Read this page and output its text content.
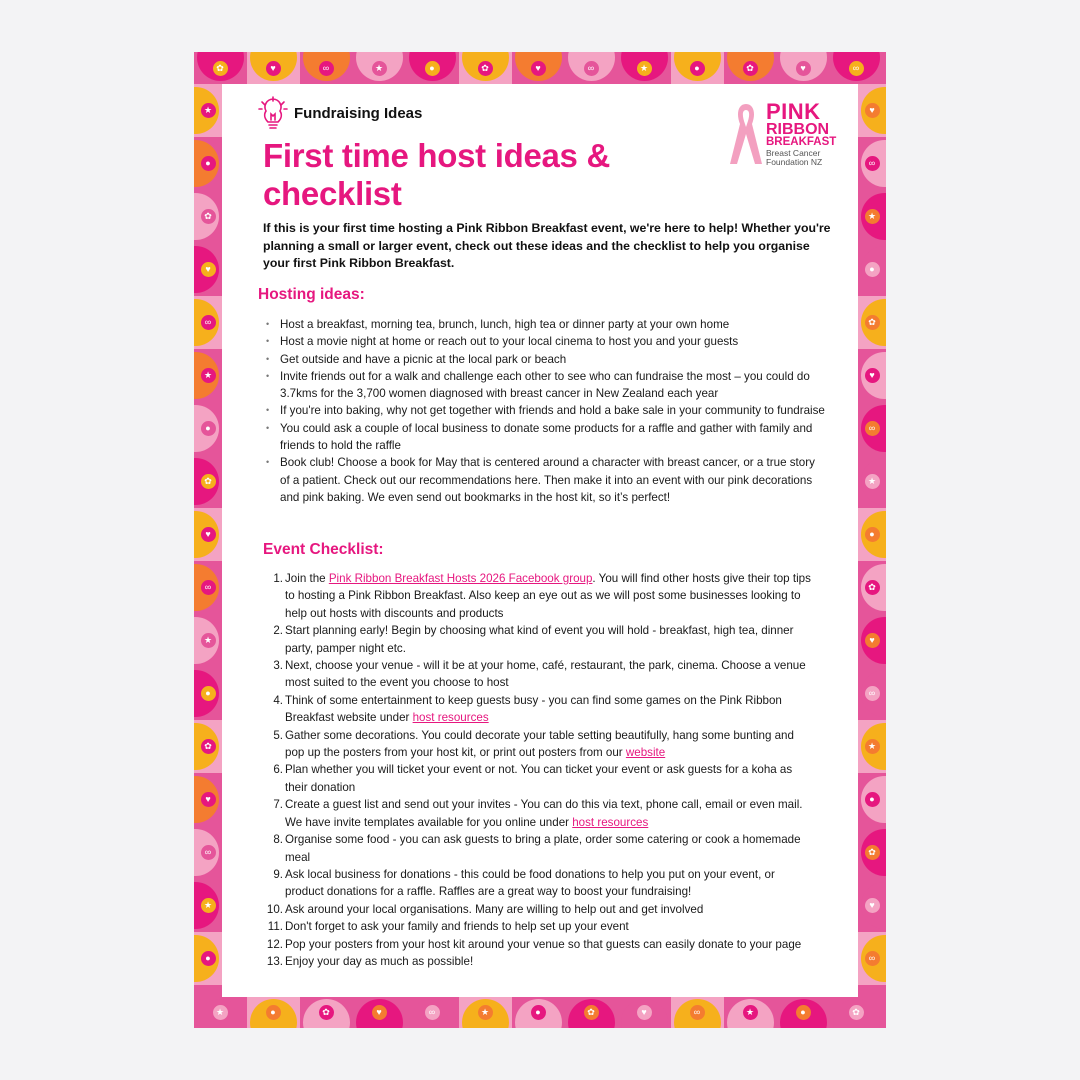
✿
★
♥
●
∞
✿
★
♥
●
∞
✿
★
♥
●
∞
✿
★
♥
●
∞
✿
★
♥
●
∞
✿
★	♥
●	∞
✿	★
♥	●
∞	✿
★	♥
●	∞
✿	★
♥	●
∞	✿
★	♥
●	∞
✿	★
♥	●
∞	✿
★	♥
●	∞
Fundraising Ideas
First time host ideas & checklist
PINK
RIBBON
BREAKFAST
Breast Cancer Foundation NZ

If this is your first time hosting a Pink Ribbon Breakfast event, we're here to help! Whether you're planning a small or larger event, check out these ideas and the checklist to help you organise your first Pink Ribbon Breakfast.

Hosting ideas:
• Host a breakfast, morning tea, brunch, lunch, high tea or dinner party at your own home
• Host a movie night at home or reach out to your local cinema to host you and your guests
• Get outside and have a picnic at the local park or beach
• Invite friends out for a walk and challenge each other to see who can fundraise the most – you could do 3.7kms for the 3,700 women diagnosed with breast cancer in New Zealand each year
• If you're into baking, why not get together with friends and hold a bake sale in your community to fundraise
• You could ask a couple of local business to donate some products for a raffle and gather with family and friends to hold the raffle
• Book club! Choose a book for May that is centered around a character with breast cancer, or a true story of a patient. Check out our recommendations here. Then make it into an event with our pink decorations and pink baking. We even send out bookmarks in the host kit, so it’s perfect!
Event Checklist:
1. Join the Pink Ribbon Breakfast Hosts 2026 Facebook group. You will find other hosts give their top tips to hosting a Pink Ribbon Breakfast. Also keep an eye out as we will post some businesses looking to help out hosts with discounts and products
2. Start planning early! Begin by choosing what kind of event you will hold - breakfast, high tea, dinner party, pamper night etc.
3. Next, choose your venue - will it be at your home, café, restaurant, the park, cinema. Choose a venue most suited to the event you choose to host
4. Think of some entertainment to keep guests busy - you can find some games on the Pink Ribbon Breakfast website under host resources
5. Gather some decorations. You could decorate your table setting beautifully, hang some bunting and pop up the posters from your host kit, or print out posters from our website
6. Plan whether you will ticket your event or not. You can ticket your event or ask guests for a koha as their donation
7. Create a guest list and send out your invites - You can do this via text, phone call, email or even mail. We have invite templates available for you online under host resources
8. Organise some food - you can ask guests to bring a plate, order some catering or cook a homemade meal
9. Ask local business for donations - this could be food donations to help you put on your event, or product donations for a raffle. Raffles are a great way to boost your fundraising!
10. Ask around your local organisations. Many are willing to help out and get involved
11. Don't forget to ask your family and friends to help set up your event
12. Pop your posters from your host kit around your venue so that guests can easily donate to your page
13. Enjoy your day as much as possible!
